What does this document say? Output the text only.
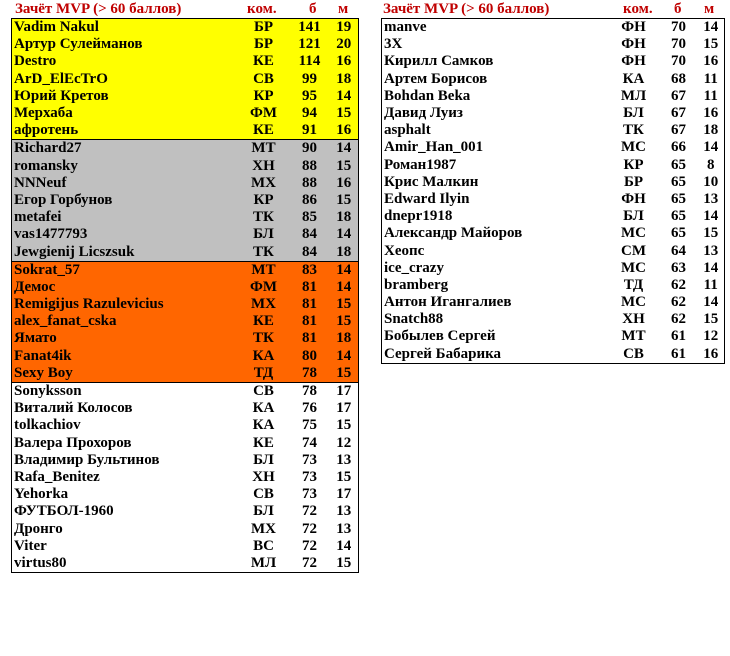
Зачёт MVP (> 60 баллов)	ком. б м
Vadim Nakul	БР	141	19
Артур Сулейманов	БР	121	20
Destro	КЕ	114	16
ArD_ElEcTrO	СВ	99	18
Юрий Кретов	КР	95	14
Мерхаба	ФМ	94	15
афротень	КЕ	91	16
Richard27	МТ	90	14
romansky	ХН	88	15
NNNeuf	МХ	88	16
Егор Горбунов	КР	86	15
metafei	ТК	85	18
vas1477793	БЛ	84	14
Jewgienij Licszsuk	ТК	84	18
Sokrat_57	МТ	83	14
Демос	ФМ	81	14
Remigijus Razulevicius	МХ	81	15
alex_fanat_cska	КЕ	81	15
Ямато	ТК	81	18
Fanat4ik	КА	80	14
Sexy Boy	ТД	78	15
Sonyksson	СВ	78	17
Виталий Колосов	КА	76	17
tolkachiov	КА	75	15
Валера Прохоров	КЕ	74	12
Владимир Бультинов	БЛ	73	13
Rafa_Benitez	ХН	73	15
Yehorka	СВ	73	17
ФУТБОЛ-1960	БЛ	72	13
Дронго	МХ	72	13
Viter	ВС	72	14
virtus80	МЛ	72	15
Зачёт MVP (> 60 баллов)	ком. б м
manve	ФН	70	14
3X	ФН	70	15
Кирилл Самков	ФН	70	16
Артем Борисов	КА	68	11
Bohdan Beka	МЛ	67	11
Давид Луиз	БЛ	67	16
asphalt	ТК	67	18
Amir_Han_001	МС	66	14
Роман1987	КР	65	8
Крис Малкин	БР	65	10
Edward Ilyin	ФН	65	13
dnepr1918	БЛ	65	14
Александр Майоров	МС	65	15
Хеопс	СМ	64	13
ice_crazy	МС	63	14
bramberg	ТД	62	11
Антон Игангалиев	МС	62	14
Snatch88	ХН	62	15
Бобылев Сергей	МТ	61	12
Сергей Бабарика	СВ	61	16
